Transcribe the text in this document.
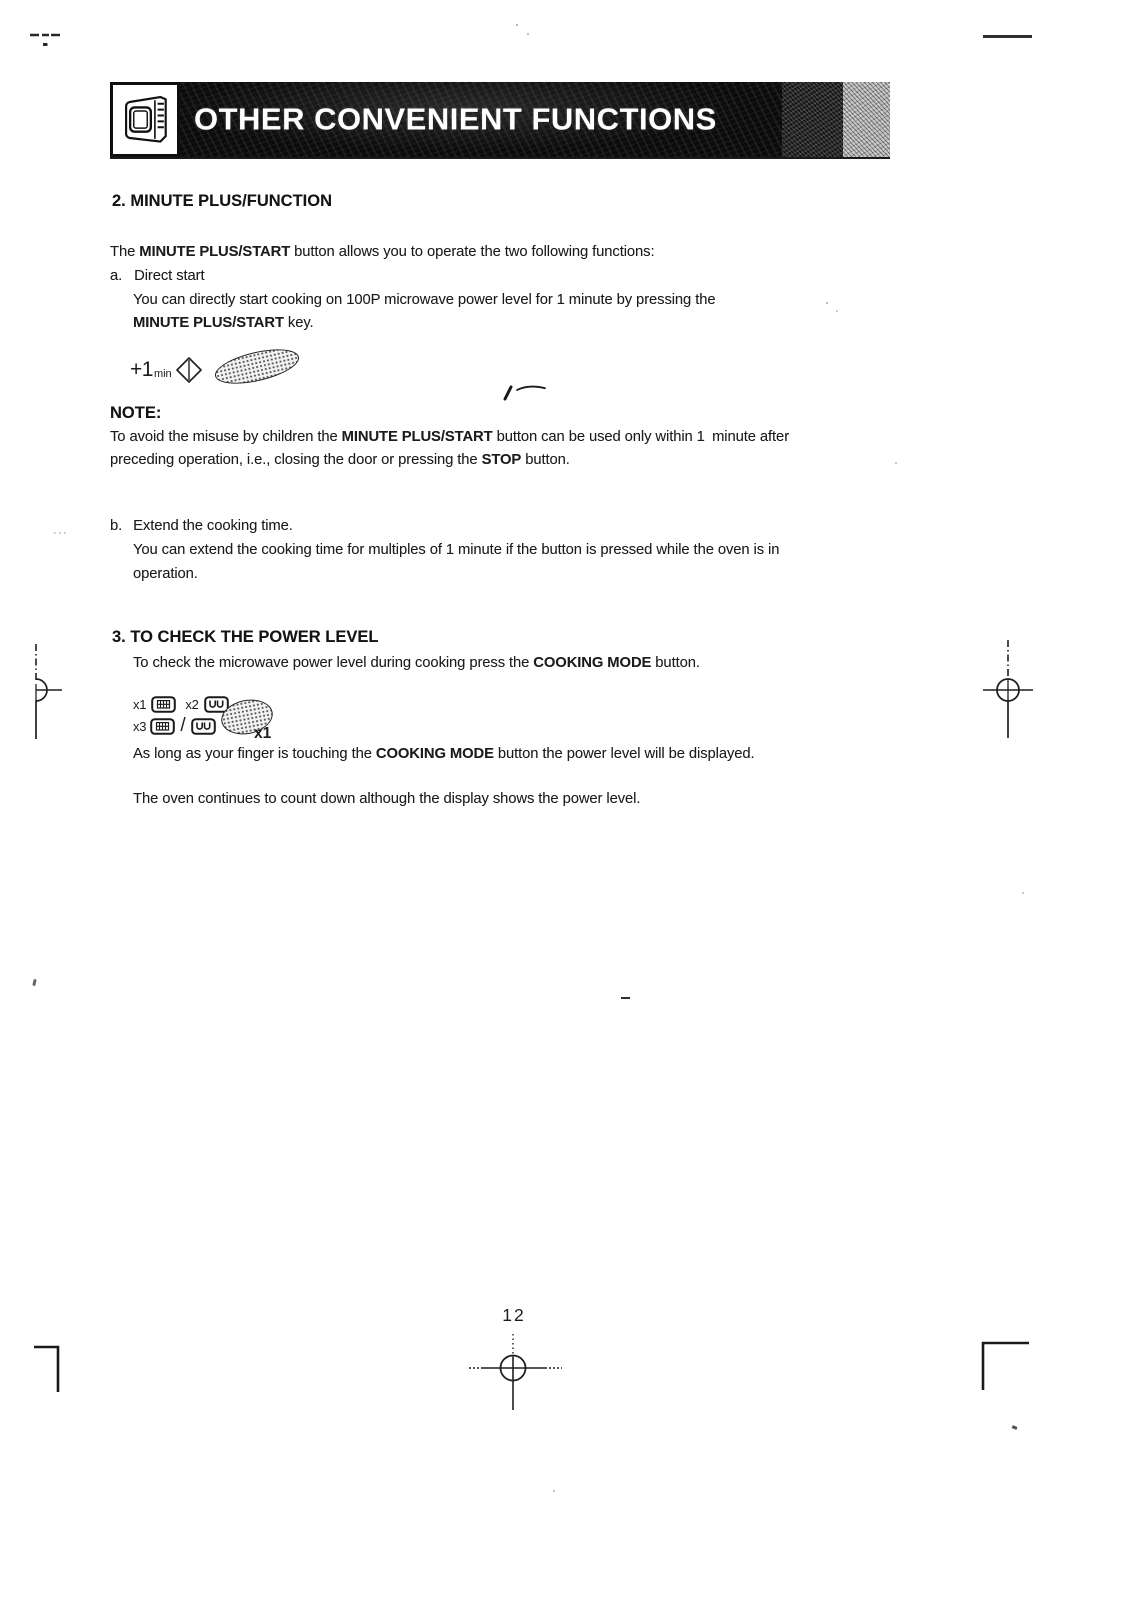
OTHER CONVENIENT FUNCTIONS
2. MINUTE PLUS/FUNCTION
The MINUTE PLUS/START button allows you to operate the two following functions:
a. Direct start
You can directly start cooking on 100P microwave power level for 1 minute by pressing the
MINUTE PLUS/START key.
+1 min
NOTE:
To avoid the misuse by children the MINUTE PLUS/START button can be used only within 1 minute after
preceding operation, i.e., closing the door or pressing the STOP button.
b. Extend the cooking time.
You can extend the cooking time for multiples of 1 minute if the button is pressed while the oven is in
operation.
3. TO CHECK THE POWER LEVEL
To check the microwave power level during cooking press the COOKING MODE button.
x1	x2
x3 /	x1
As long as your finger is touching the COOKING MODE button the power level will be displayed.
The oven continues to count down although the display shows the power level.
12
